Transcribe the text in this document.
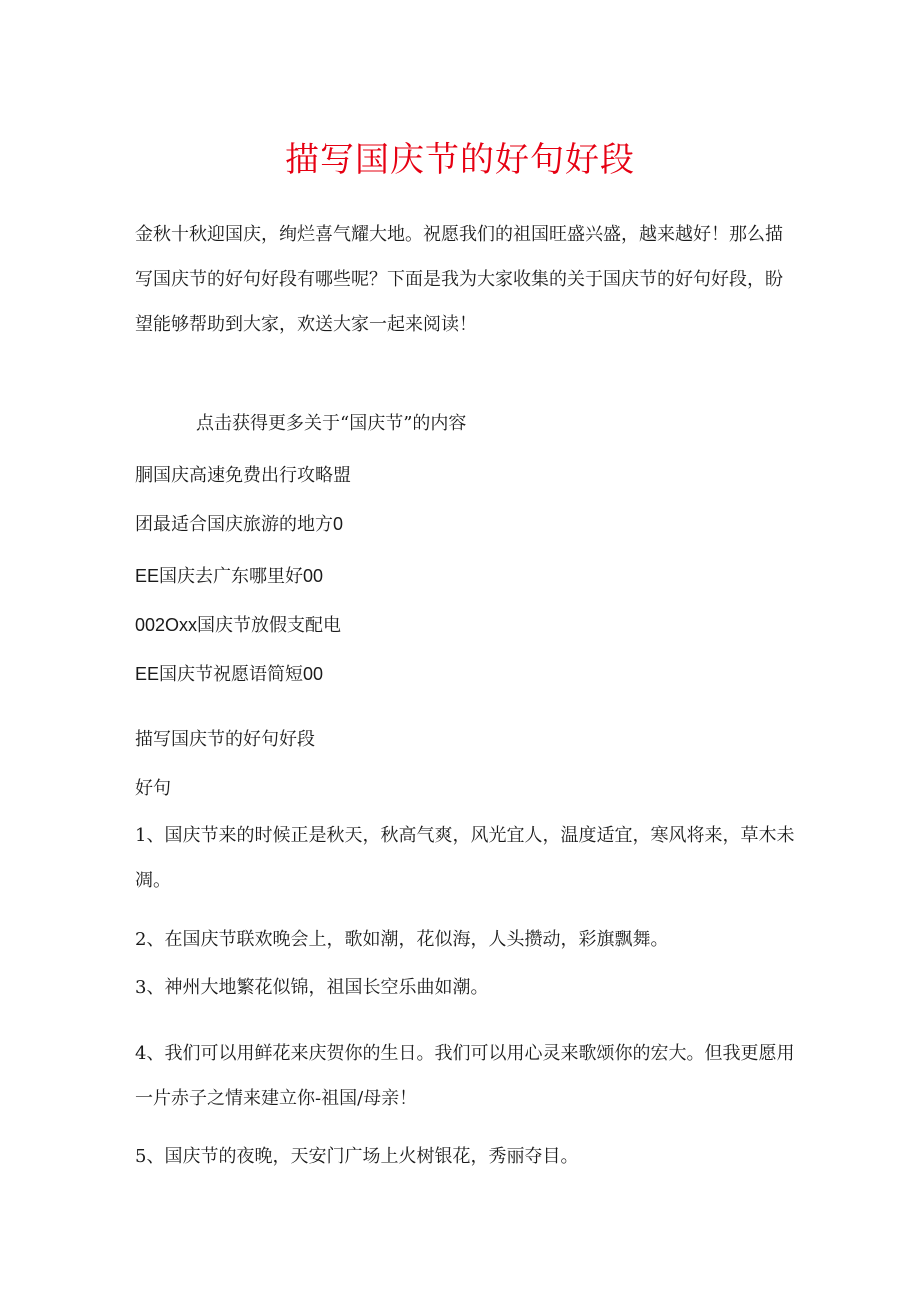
描写国庆节的好句好段

金秋十秋迎国庆，绚烂喜气耀大地。祝愿我们的祖国旺盛兴盛，越来越好！那么描写国庆节的好句好段有哪些呢？下面是我为大家收集的关于国庆节的好句好段，盼望能够帮助到大家，欢送大家一起来阅读！

点击获得更多关于“国庆节”的内容

胴国庆高速免费出行攻略盟

团最适合国庆旅游的地方0

EE国庆去广东哪里好00

002Oxx国庆节放假支配电

EE国庆节祝愿语简短00

描写国庆节的好句好段

好句

1、国庆节来的时候正是秋天，秋高气爽，风光宜人，温度适宜，寒风将来，草木未凋。

2、在国庆节联欢晚会上，歌如潮，花似海，人头攒动，彩旗飘舞。

3、神州大地繁花似锦，祖国长空乐曲如潮。

4、我们可以用鲜花来庆贺你的生日。我们可以用心灵来歌颂你的宏大。但我更愿用一片赤子之情来建立你-祖国/母亲！

5、国庆节的夜晚，天安门广场上火树银花，秀丽夺目。
